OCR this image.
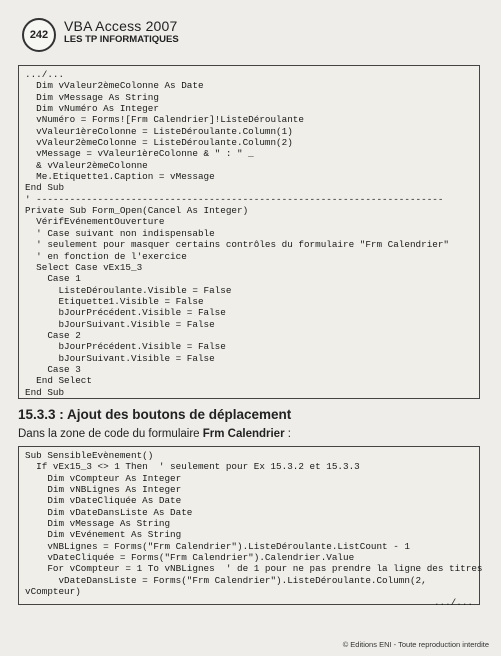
242
VBA Access 2007
LES TP INFORMATIQUES
.../...
Dim vValeur2èmeColonne As Date
Dim vMessage As String
Dim vNuméro As Integer
vNuméro = Forms![Frm Calendrier]!ListeDéroulante
vValeur1èreColonne = ListeDéroulante.Column(1)
vValeur2èmeColonne = ListeDéroulante.Column(2)
vMessage = vValeur1èreColonne & " : " _
& vValeur2èmeColonne
Me.Etiquette1.Caption = vMessage
End Sub
' -------------------------------------------------------------------------
Private Sub Form_Open(Cancel As Integer)
VérifEvénementOuverture
' Case suivant non indispensable
' seulement pour masquer certains contrôles du formulaire "Frm Calendrier"
' en fonction de l'exercice
Select Case vEx15_3
Case 1
ListeDéroulante.Visible = False
Etiquette1.Visible = False
bJourPrécédent.Visible = False
bJourSuivant.Visible = False
Case 2
bJourPrécédent.Visible = False
bJourSuivant.Visible = False
Case 3
End Select
End Sub
15.3.3 : Ajout des boutons de déplacement
Dans la zone de code du formulaire Frm Calendrier :
Sub SensibleEvènement()
If vEx15_3 <> 1 Then  ' seulement pour Ex 15.3.2 et 15.3.3
Dim vCompteur As Integer
Dim vNBLignes As Integer
Dim vDateCliquée As Date
Dim vDateDansListe As Date
Dim vMessage As String
Dim vEvénement As String
vNBLignes = Forms("Frm Calendrier").ListeDéroulante.ListCount - 1
vDateCliquée = Forms("Frm Calendrier").Calendrier.Value
For vCompteur = 1 To vNBLignes  ' de 1 pour ne pas prendre la ligne des titres
vDateDansListe = Forms("Frm Calendrier").ListeDéroulante.Column(2,
vCompteur)
.../...
© Editions ENI - Toute reproduction interdite
